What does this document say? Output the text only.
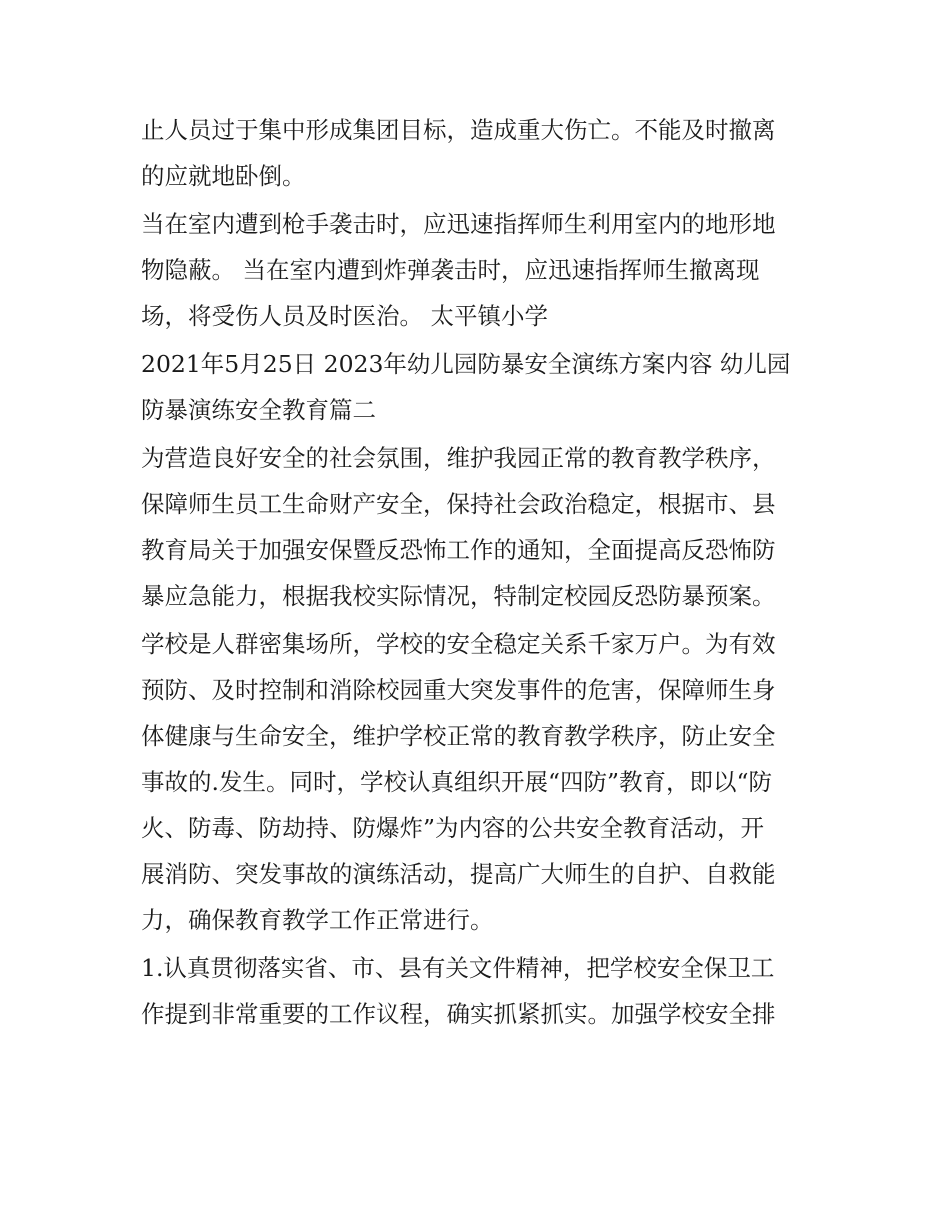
止人员过于集中形成集团目标，造成重大伤亡。不能及时撤离
的应就地卧倒。

当在室内遭到枪手袭击时，应迅速指挥师生利用室内的地形地
物隐蔽。 当在室内遭到炸弹袭击时，应迅速指挥师生撤离现
场，将受伤人员及时医治。 太平镇小学

2021年5月25日 2023年幼儿园防暴安全演练方案内容 幼儿园
防暴演练安全教育篇二

为营造良好安全的社会氛围，维护我园正常的教育教学秩序，
保障师生员工生命财产安全，保持社会政治稳定，根据市、县
教育局关于加强安保暨反恐怖工作的通知，全面提高反恐怖防
暴应急能力，根据我校实际情况，特制定校园反恐防暴预案。

学校是人群密集场所，学校的安全稳定关系千家万户。为有效
预防、及时控制和消除校园重大突发事件的危害，保障师生身
体健康与生命安全，维护学校正常的教育教学秩序，防止安全
事故的.发生。同时，学校认真组织开展“四防”教育，即以“防
火、防毒、防劫持、防爆炸”为内容的公共安全教育活动，开
展消防、突发事故的演练活动，提高广大师生的自护、自救能
力，确保教育教学工作正常进行。

1.认真贯彻落实省、市、县有关文件精神，把学校安全保卫工
作提到非常重要的工作议程，确实抓紧抓实。加强学校安全排
